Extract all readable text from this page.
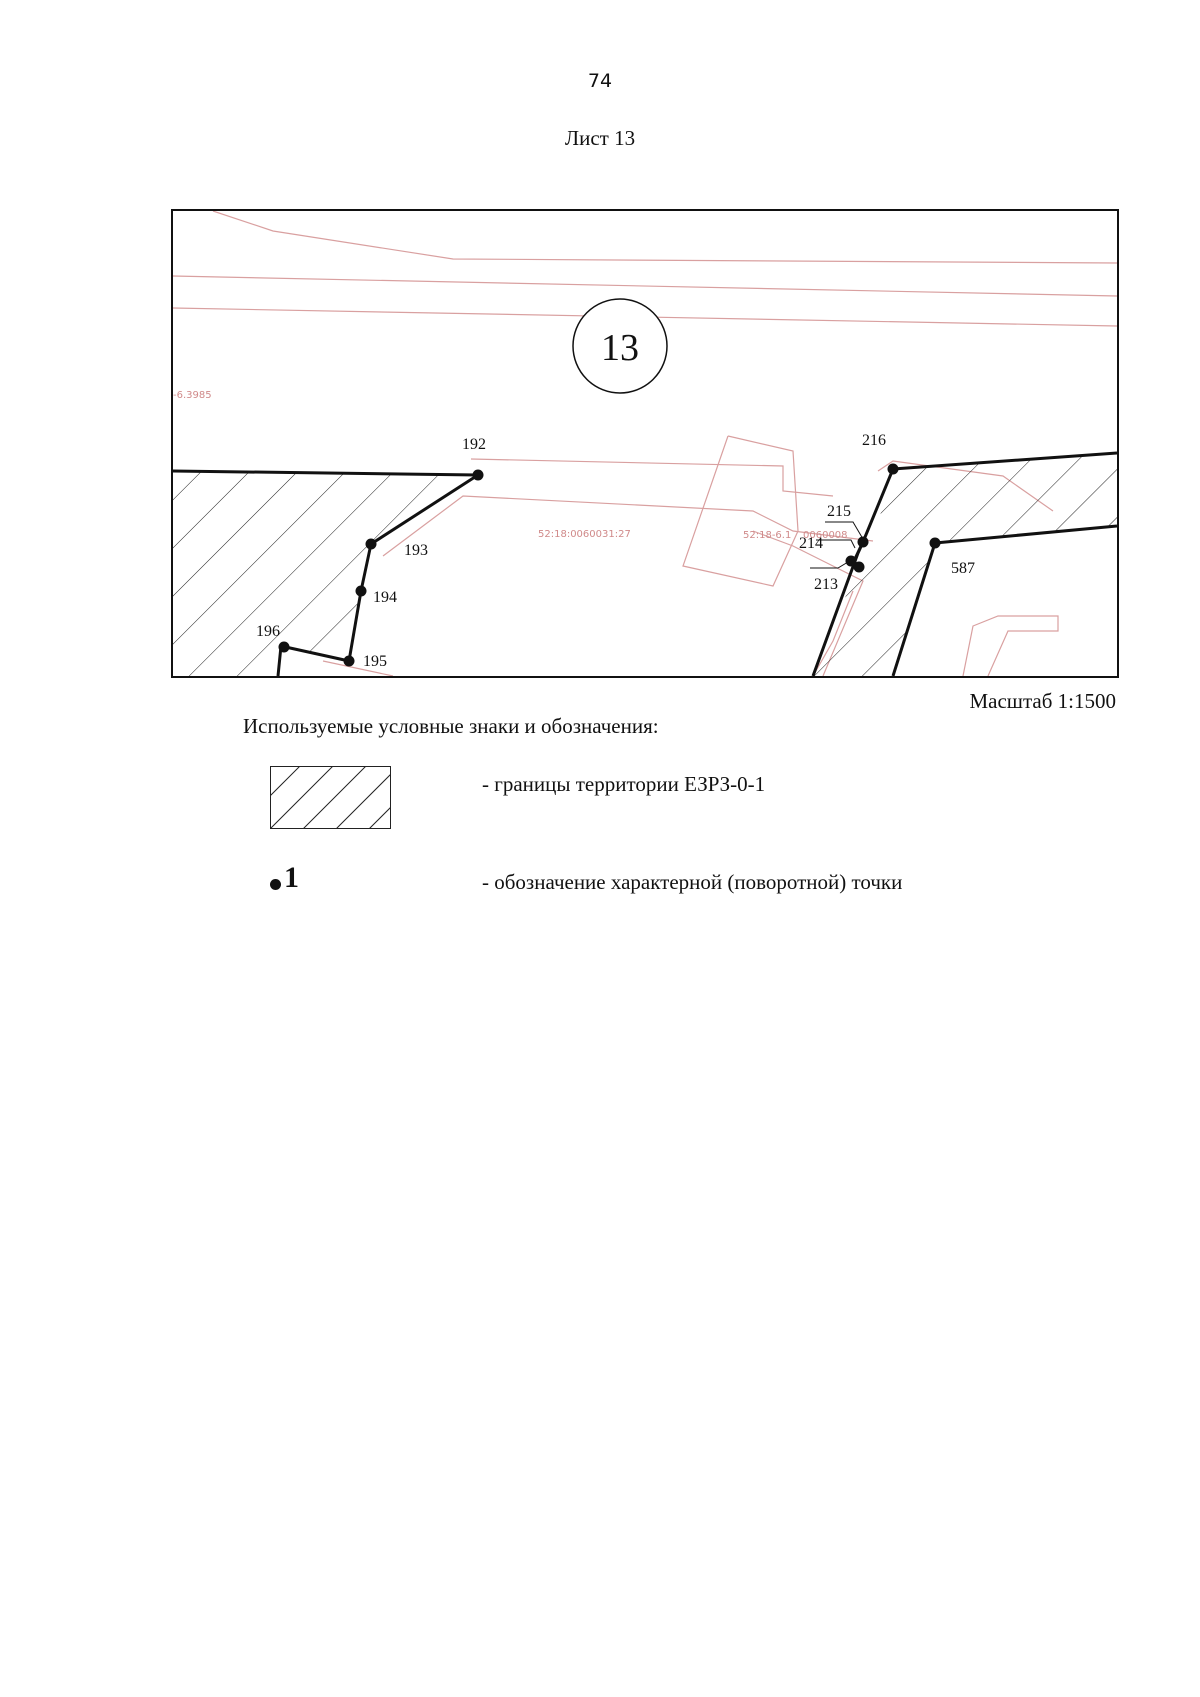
74
Лист 13
13
-6.3985
52:18:0060031:27	52:18-6.1 0060008
192
193
194
195
196
213
214
215
216
587
Масштаб 1:1500
Используемые условные знаки и обозначения:
- границы территории ЕЗРЗ-0-1
1	- обозначение характерной (поворотной) точки
